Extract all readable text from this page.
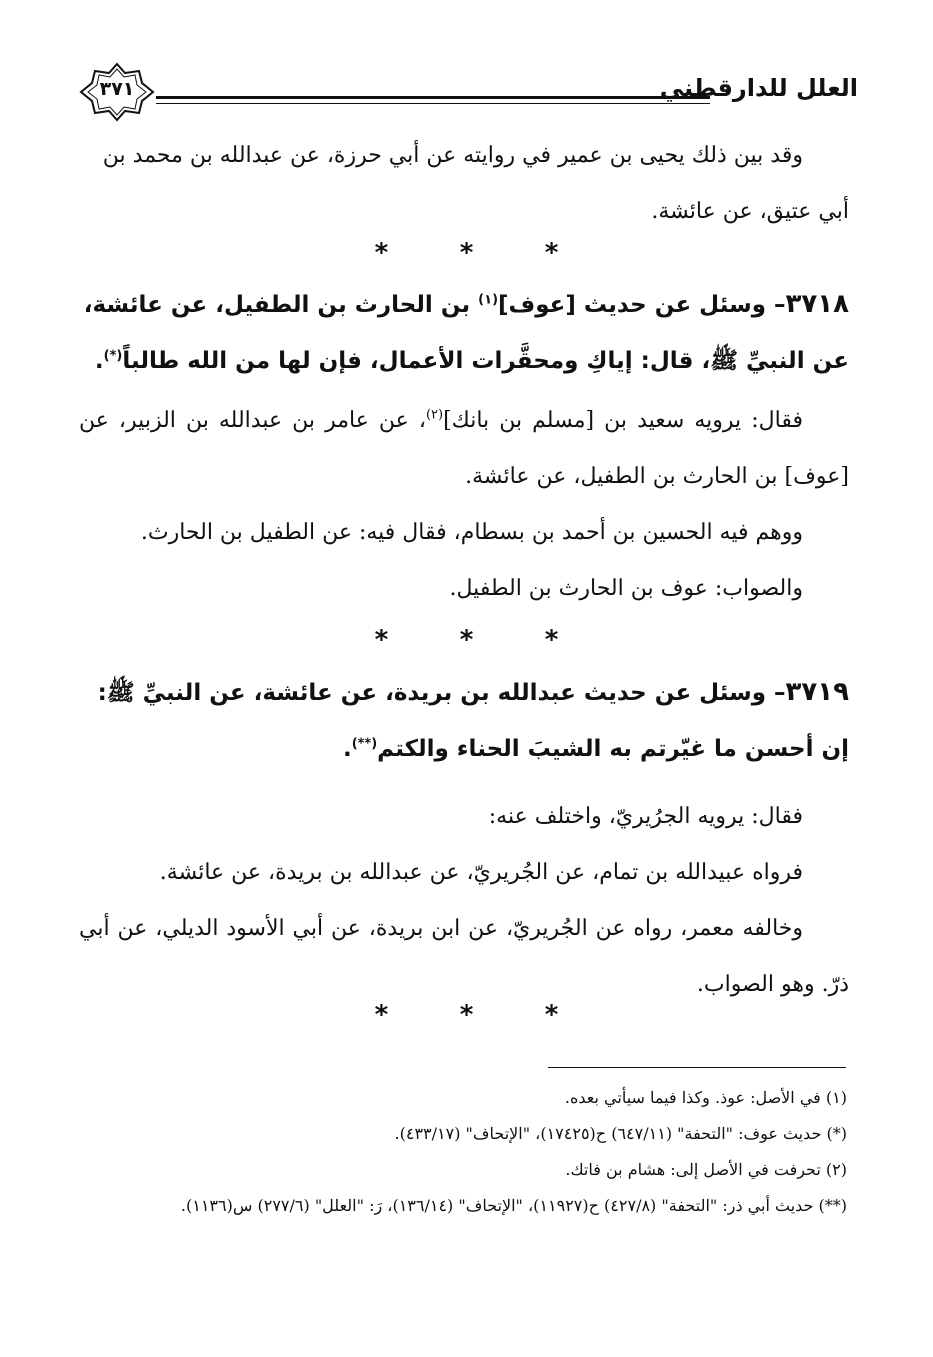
العلل للدارقطني
٣٧١
وقد بين ذلك يحيى بن عمير في روايته عن أبي حرزة، عن عبدالله بن محمد بن
أبي عتيق، عن عائشة.
*	*	*
٣٧١٨– وسئل عن حديث [عوف]$^{(١)}$ بن الحارث بن الطفيل، عن عائشة،
عن النبيِّ ﷺ، قال: إياكِ ومحقَّرات الأعمال، فإن لها من الله طالباً(*).
فقال: يرويه سعيد بن [مسلم بن بانك]$^{(٢)}$، عن عامر بن عبدالله بن الزبير، عن [عوف] بن الحارث بن الطفيل، عن عائشة.
ووهم فيه الحسين بن أحمد بن بسطام، فقال فيه: عن الطفيل بن الحارث.
والصواب: عوف بن الحارث بن الطفيل.
*	*	*
٣٧١٩– وسئل عن حديث عبدالله بن بريدة، عن عائشة، عن النبيِّ ﷺ:
إن أحسن ما غيّرتم به الشيبَ الحناء والكتم(**).
فقال: يرويه الجرُيريّ، واختلف عنه:
فرواه عبيدالله بن تمام، عن الجُريريّ، عن عبدالله بن بريدة، عن عائشة.
وخالفه معمر، رواه عن الجُريريّ، عن ابن بريدة، عن أبي الأسود الديلي، عن أبي ذرّ. وهو الصواب.
*	*	*
(١) في الأصل: عوذ. وكذا فيما سيأتي بعده.
(*) حديث عوف: "التحفة" (٦٤٧/١١) ح(١٧٤٢٥)، "الإتحاف" (٤٣٣/١٧).
(٢) تحرفت في الأصل إلى: هشام بن فاتك.
(**) حديث أبي ذر: "التحفة" (٤٢٧/٨) ح(١١٩٢٧)، "الإتحاف" (١٣٦/١٤)، رَ: "العلل" (٢٧٧/٦) س(١١٣٦).
